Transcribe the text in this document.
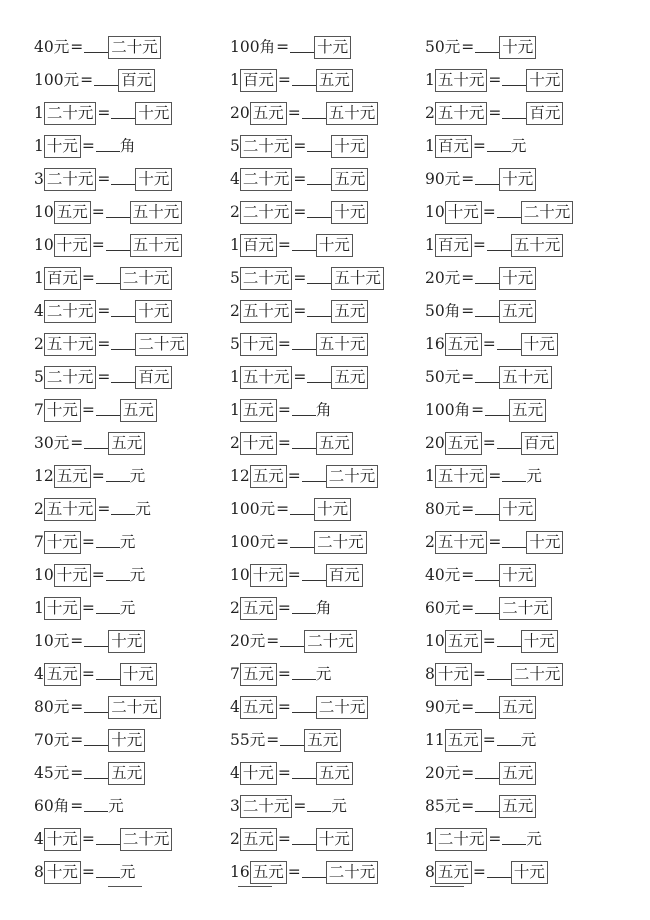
40元 = 二十元
100元 = 百元
1 二十元 = 十元
1 十元 = 角
3 二十元 = 十元
10 五元 = 五十元
10 十元 = 五十元
1 百元 = 二十元
4 二十元 = 十元
2 五十元 = 二十元
5 二十元 = 百元
7 十元 = 五元
30元 = 五元
12 五元 = 元
2 五十元 = 元
7 十元 = 元
10 十元 = 元
1 十元 = 元
10元 = 十元
4 五元 = 十元
80元 = 二十元
70元 = 十元
45元 = 五元
60角 = 元
4 十元 = 二十元
8 十元 = 元
100角 = 十元
1 百元 = 五元
20 五元 = 五十元
5 二十元 = 十元
4 二十元 = 五元
2 二十元 = 十元
1 百元 = 十元
5 二十元 = 五十元
2 五十元 = 五元
5 十元 = 五十元
1 五十元 = 五元
1 五元 = 角
2 十元 = 五元
12 五元 = 二十元
100元 = 十元
100元 = 二十元
10 十元 = 百元
2 五元 = 角
20元 = 二十元
7 五元 = 元
4 五元 = 二十元
55元 = 五元
4 十元 = 五元
3 二十元 = 元
2 五元 = 十元
16 五元 = 二十元
50元 = 十元
1 五十元 = 十元
2 五十元 = 百元
1 百元 = 元
90元 = 十元
10 十元 = 二十元
1 百元 = 五十元
20元 = 十元
50角 = 五元
16 五元 = 十元
50元 = 五十元
100角 = 五元
20 五元 = 百元
1 五十元 = 元
80元 = 十元
2 五十元 = 十元
40元 = 十元
60元 = 二十元
10 五元 = 十元
8 十元 = 二十元
90元 = 五元
11 五元 = 元
20元 = 五元
85元 = 五元
1 二十元 = 元
8 五元 = 十元
